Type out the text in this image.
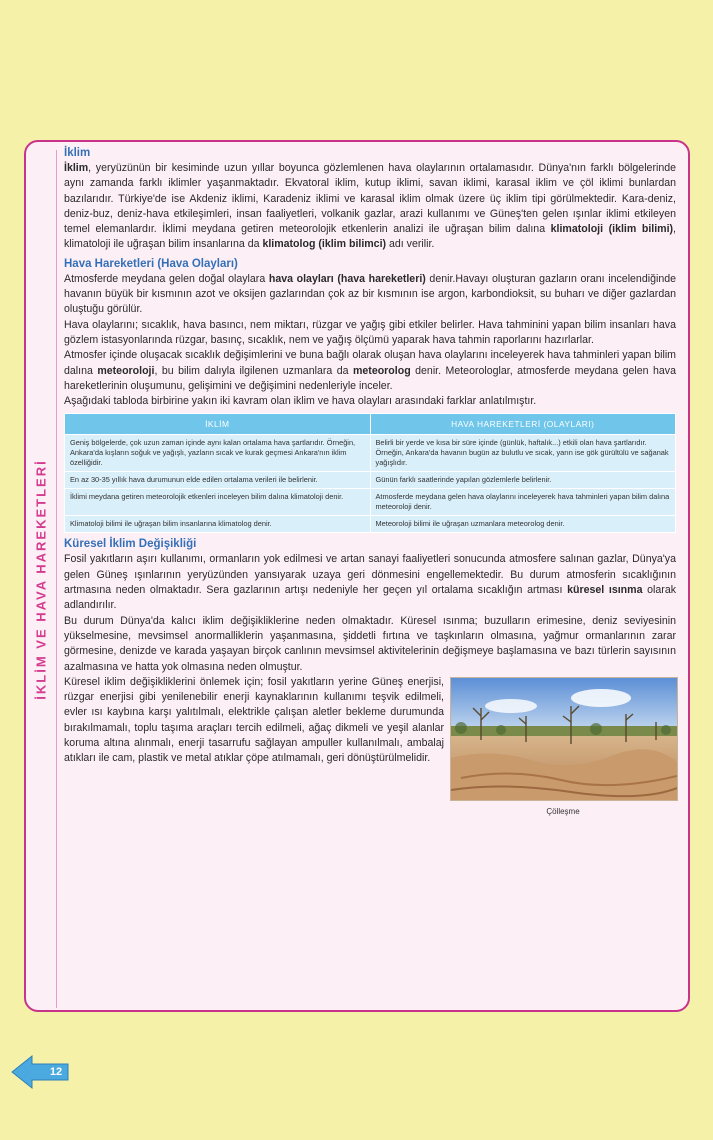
İKLİM VE HAVA HAREKETLERİ
İklim

İklim, yeryüzünün bir kesiminde uzun yıllar boyunca gözlemlenen hava olaylarının ortalamasıdır. Dünya'nın farklı bölgelerinde aynı zamanda farklı iklimler yaşanmaktadır. Ekvatoral iklim, kutup iklimi, savan iklimi, karasal iklim ve çöl iklimi bunlardan bazılarıdır. Türkiye'de ise Akdeniz iklimi, Karadeniz iklimi ve karasal iklim olmak üzere üç iklim tipi görülmektedir. Kara-deniz, deniz-buz, deniz-hava etkileşimleri, insan faaliyetleri, volkanik gazlar, arazi kullanımı ve Güneş'ten gelen ışınlar iklimi etkileyen temel elemanlardır. İklimi meydana getiren meteorolojik etkenlerin analizi ile uğraşan bilim dalına klimatoloji (iklim bilimi), klimatoloji ile uğraşan bilim insanlarına da klimatolog (iklim bilimci) adı verilir.

Hava Hareketleri (Hava Olayları)

Atmosferde meydana gelen doğal olaylara hava olayları (hava hareketleri) denir.Havayı oluşturan gazların oranı incelendiğinde havanın büyük bir kısmının azot ve oksijen gazlarından çok az bir kısmının ise argon, karbondioksit, su buharı ve diğer gazlardan oluştuğu görülür.

Hava olaylarını; sıcaklık, hava basıncı, nem miktarı, rüzgar ve yağış gibi etkiler belirler. Hava tahminini yapan bilim insanları hava gözlem istasyonlarında rüzgar, basınç, sıcaklık, nem ve yağış ölçümü yaparak hava tahmin raporlarını hazırlarlar.

Atmosfer içinde oluşacak sıcaklık değişimlerini ve buna bağlı olarak oluşan hava olaylarını inceleyerek hava tahminleri yapan bilim dalına meteoroloji, bu bilim dalıyla ilgilenen uzmanlara da meteorolog denir. Meteorologlar, atmosferde meydana gelen hava hareketlerinin oluşumunu, gelişimini ve değişimini nedenleriyle inceler.

Aşağıdaki tabloda birbirine yakın iki kavram olan iklim ve hava olayları arasındaki farklar anlatılmıştır.

İKLİM	HAVA HAREKETLERİ (OLAYLARI)
Geniş bölgelerde, çok uzun zaman içinde aynı kalan ortalama hava şartlarıdır. Örneğin, Ankara'da kışların soğuk ve yağışlı, yazların sıcak ve kurak geçmesi Ankara'nın iklim özelliğidir.	Belirli bir yerde ve kısa bir süre içinde (günlük, haftalık...) etkili olan hava şartlarıdır. Örneğin, Ankara'da havanın bugün az bulutlu ve sıcak, yarın ise gök gürültülü ve sağanak yağışlıdır.
En az 30-35 yıllık hava durumunun elde edilen ortalama verileri ile belirlenir.	Günün farklı saatlerinde yapılan gözlemlerle belirlenir.
İklimi meydana getiren meteorolojik etkenleri inceleyen bilim dalına klimatoloji denir.	Atmosferde meydana gelen hava olaylarını inceleyerek hava tahminleri yapan bilim dalına meteoroloji denir.
Klimatoloji bilimi ile uğraşan bilim insanlarına klimatolog denir.	Meteoroloji bilimi ile uğraşan uzmanlara meteorolog denir.
Küresel İklim Değişikliği

Fosil yakıtların aşırı kullanımı, ormanların yok edilmesi ve artan sanayi faaliyetleri sonucunda atmosfere salınan gazlar, Dünya'ya gelen Güneş ışınlarının yeryüzünden yansıyarak uzaya geri dönmesini engellemektedir. Bu durum atmosferin sıcaklığının artmasına neden olmaktadır. Sera gazlarının artışı nedeniyle her geçen yıl ortalama sıcaklığın artması küresel ısınma olarak adlandırılır.

Bu durum Dünya'da kalıcı iklim değişikliklerine neden olmaktadır. Küresel ısınma; buzulların erimesine, deniz seviyesinin yükselmesine, mevsimsel anormalliklerin yaşanmasına, şiddetli fırtına ve taşkınların olmasına, yağmur ormanlarının zarar görmesine, denizde ve karada yaşayan birçok canlının mevsimsel aktivitelerinin değişmeye başlamasına ve bazı türlerin sayısının azalmasına ve hatta yok olmasına neden olmuştur.

Çölleşme

Küresel iklim değişikliklerini önlemek için; fosil yakıtların yerine Güneş enerjisi, rüzgar enerjisi gibi yenilenebilir enerji kaynaklarının kullanımı teşvik edilmeli, evler ısı kaybına karşı yalıtılmalı, elektrikle çalışan aletler bekleme durumunda bırakılmamalı, toplu taşıma araçları tercih edilmeli, ağaç dikmeli ve yeşil alanlar koruma altına alınmalı, enerji tasarrufu sağlayan ampuller kullanılmalı, ambalaj atıkları ile cam, plastik ve metal atıklar çöpe atılmamalı, geri dönüştürülmelidir.

12
